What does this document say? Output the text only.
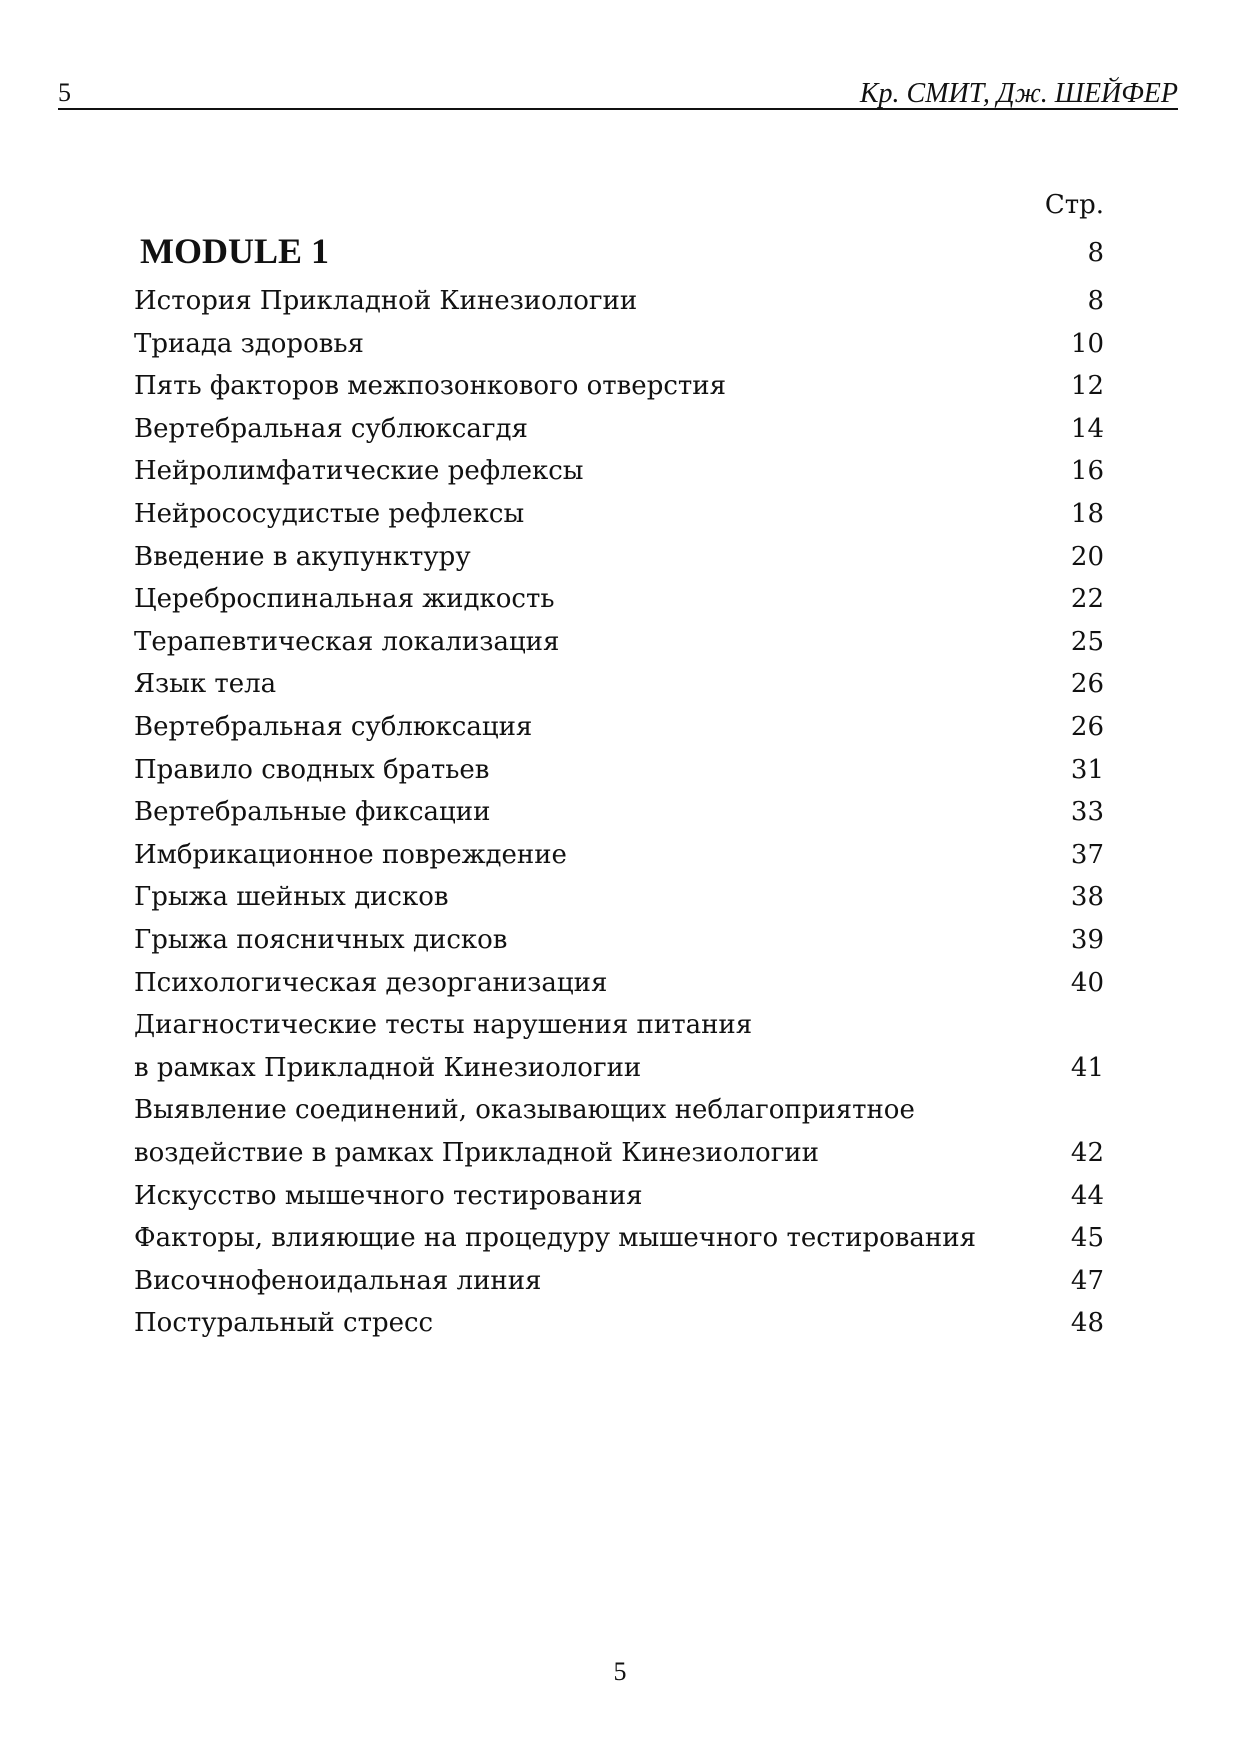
5	Кр. СМИТ, Дж. ШЕЙФЕР
Стр.
MODULE 1	8
История Прикладной Кинезиологии	8
Триада здоровья	10
Пять факторов межпозонкового отверстия	12
Вертебральная сублюксагдя	14
Нейролимфатические рефлексы	16
Нейрососудистые рефлексы	18
Введение в акупунктуру	20
Цереброспинальная жидкость	22
Терапевтическая локализация	25
Язык тела	26
Вертебральная сублюксация	26
Правило сводных братьев	31
Вертебральные фиксации	33
Имбрикационное повреждение	37
Грыжа шейных дисков	38
Грыжа поясничных дисков	39
Психологическая дезорганизация	40
Диагностические тесты нарушения питания
в рамках Прикладной Кинезиологии	41
Выявление соединений, оказывающих неблагоприятное
воздействие в рамках Прикладной Кинезиологии	42
Искусство мышечного тестирования	44
Факторы, влияющие на процедуру мышечного тестирования	45
Височнофеноидальная линия	47
Постуральный стресс	48
5
